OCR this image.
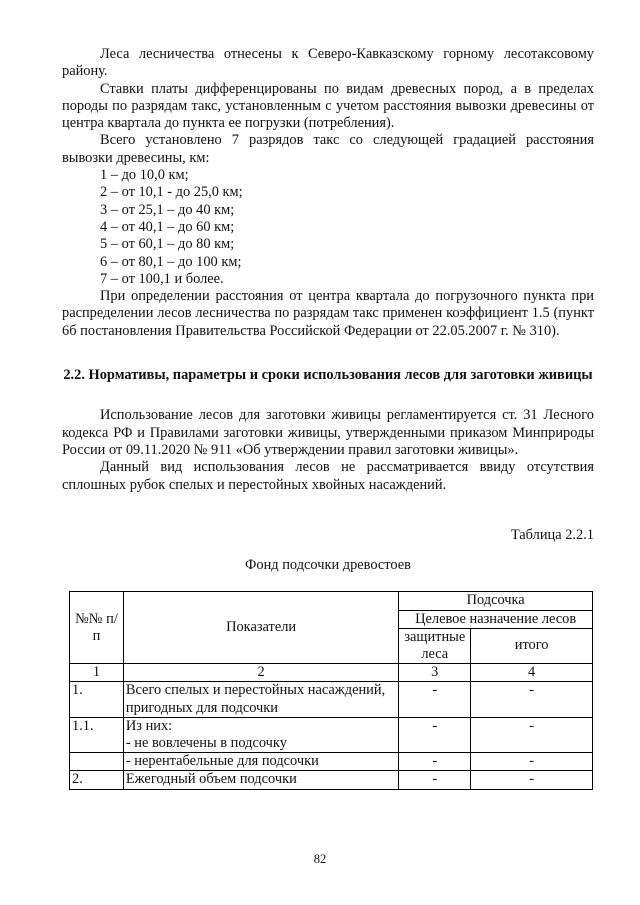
Леса лесничества отнесены к Северо-Кавказскому горному лесотаксовому району.

Ставки платы дифференцированы по видам древесных пород, а в пределах породы по разрядам такс, установленным с учетом расстояния вывозки древесины от центра квартала до пункта ее погрузки (потребления).

Всего установлено 7 разрядов такс со следующей градацией расстояния вывозки древесины, км:

1 – до 10,0 км;

2 – от 10,1 - до 25,0 км;

3 – от 25,1 – до 40 км;

4 – от 40,1 – до 60 км;

5 – от 60,1 – до 80 км;

6 – от 80,1 – до 100 км;

7 – от 100,1 и более.

При определении расстояния от центра квартала до погрузочного пункта при распределении лесов лесничества по разрядам такс применен коэффициент 1.5 (пункт 6б постановления Правительства Российской Федерации от 22.05.2007 г. № 310).

2.2. Нормативы, параметры и сроки использования лесов для заготовки живицы

Использование лесов для заготовки живицы регламентируется ст. 31 Лесного кодекса РФ и Правилами заготовки живицы, утвержденными приказом Минприроды России от 09.11.2020 № 911 «Об утверждении правил заготовки живицы».

Данный вид использования лесов не рассматривается ввиду отсутствия сплошных рубок спелых и перестойных хвойных насаждений.

Таблица 2.2.1

Фонд подсочки древостоев

№№ п/п	Показатели	Подсочка	
		Целевое назначение лесов	
		защитные леса	итого
1	2	3	4
1.	Всего спелых и перестойных насаждений, пригодных для подсочки	-	-
1.1.	Из них:
- не вовлечены в подсочку	-	-
	- нерентабельные для подсочки	-	-
2.	Ежегодный объем подсочки	-	-
82
